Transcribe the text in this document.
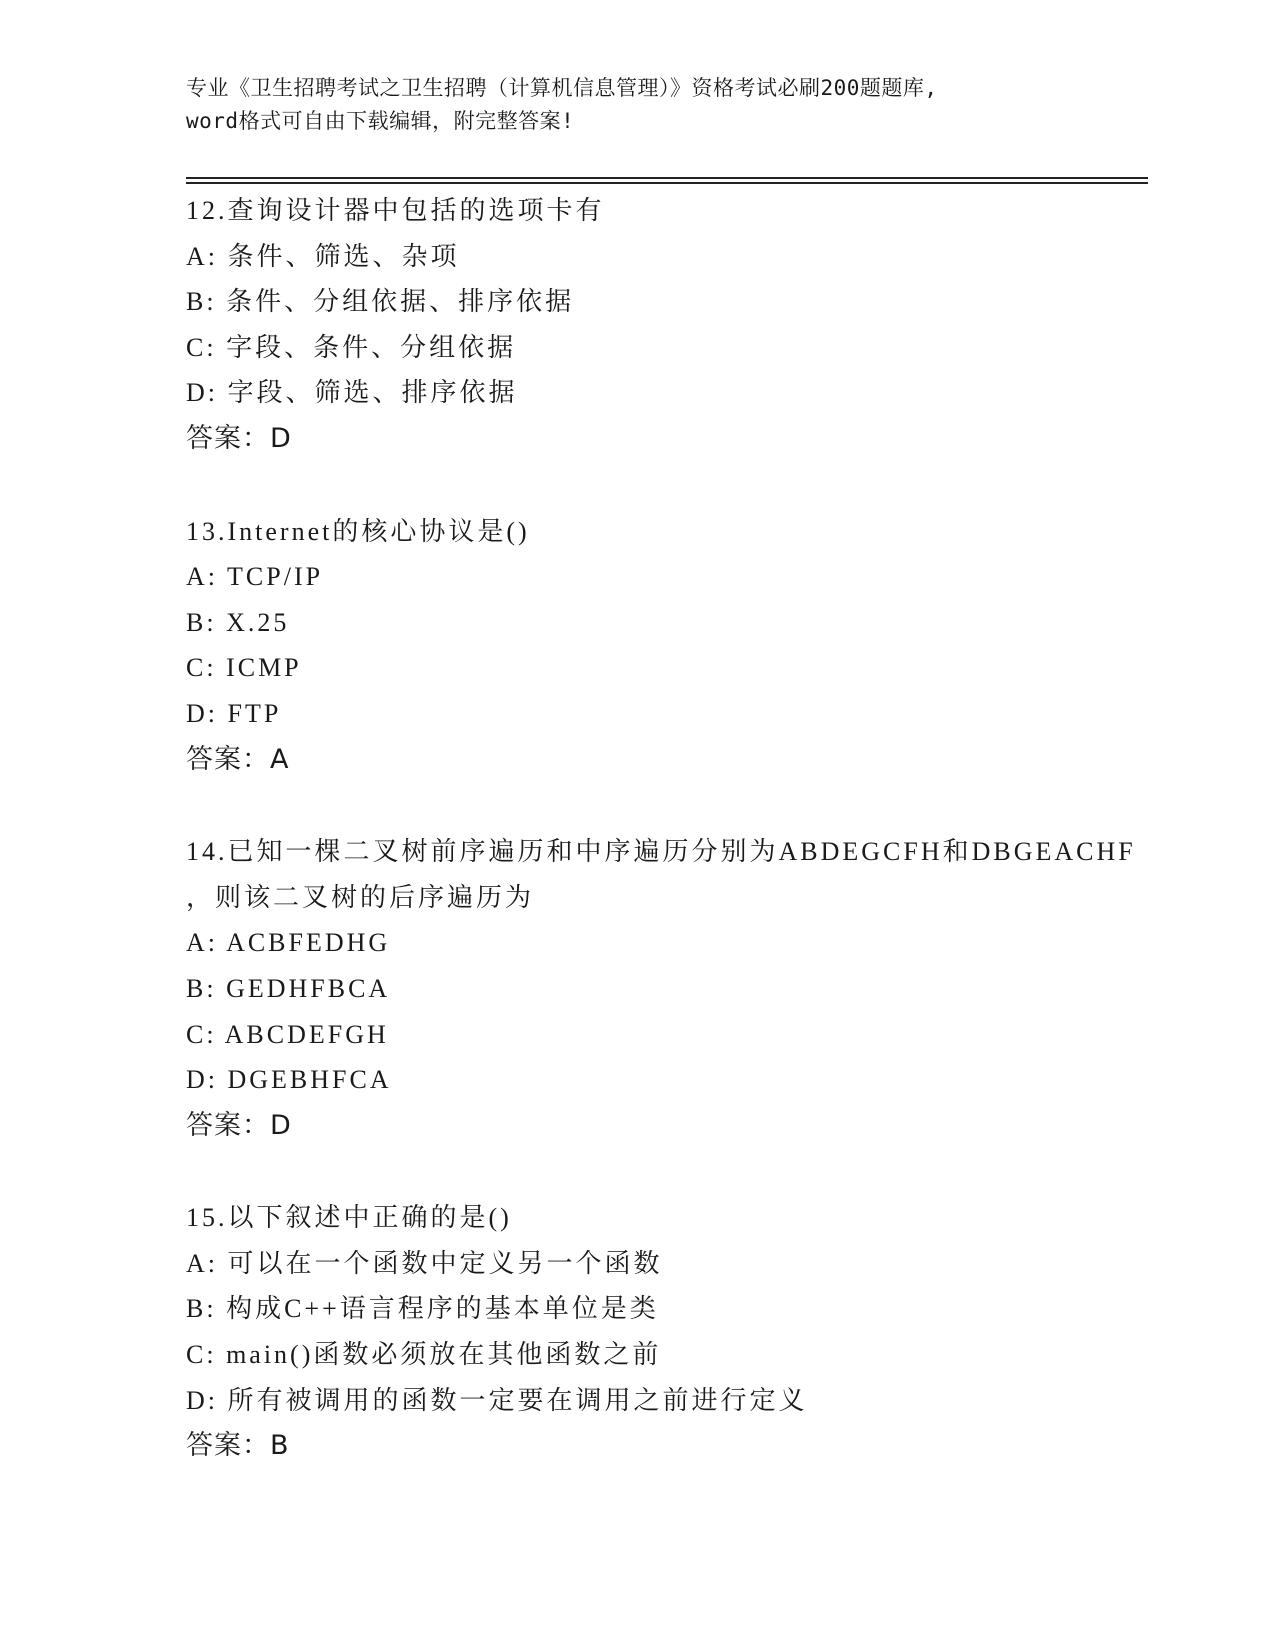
专业《卫生招聘考试之卫生招聘（计算机信息管理）》资格考试必刷200题题库,
word格式可自由下载编辑，附完整答案!
12.查询设计器中包括的选项卡有
A: 条件、筛选、杂项
B: 条件、分组依据、排序依据
C: 字段、条件、分组依据
D: 字段、筛选、排序依据
答案：D
13.Internet的核心协议是()
A: TCP/IP
B: X.25
C: ICMP
D: FTP
答案：A
14.已知一棵二叉树前序遍历和中序遍历分别为ABDEGCFH和DBGEACHF
，则该二叉树的后序遍历为
A: ACBFEDHG
B: GEDHFBCA
C: ABCDEFGH
D: DGEBHFCA
答案：D
15.以下叙述中正确的是()
A: 可以在一个函数中定义另一个函数
B: 构成C++语言程序的基本单位是类
C: main()函数必须放在其他函数之前
D: 所有被调用的函数一定要在调用之前进行定义
答案：B
